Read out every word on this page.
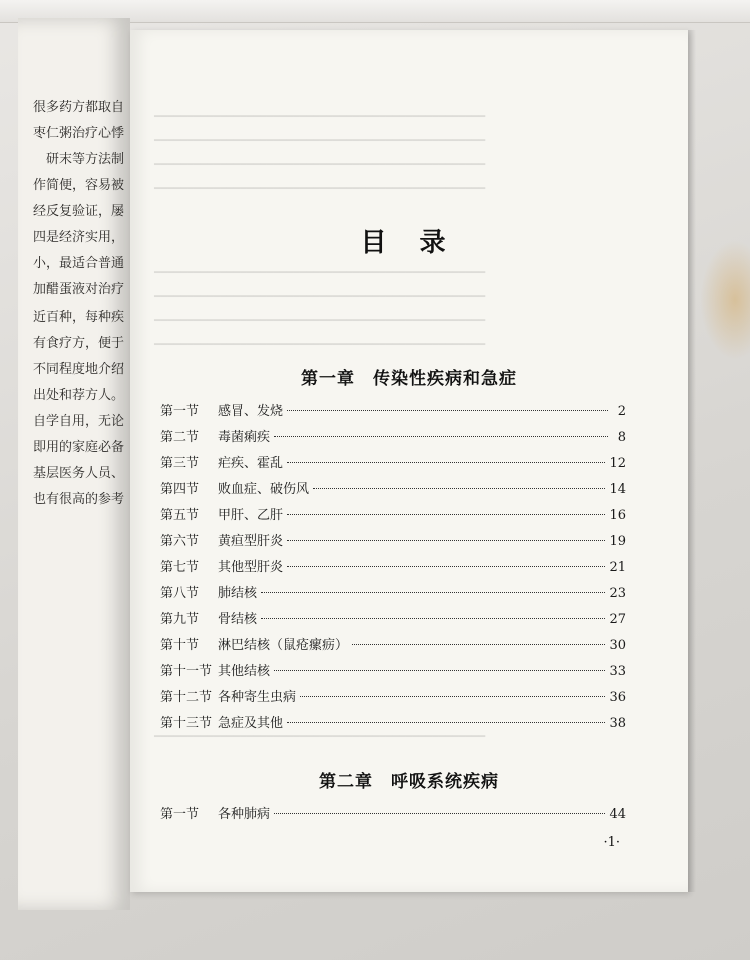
很多药方都取自
枣仁粥治疗心悸
研末等方法制
作简便，容易被
经反复验证，屡
四是经济实用，
小，最适合普通
加醋蛋液对治疗
近百种，每种疾
有食疗方，便于
不同程度地介绍
出处和荐方人。
自学自用，无论
即用的家庭必备
基层医务人员、
也有很高的参考
━━━━━━━━━━━━━━━━━━━━━━━━━━━━━━━━━━━━━━━━━━━━━━━━━━
━━━━━━━━━━━━━━━━━━━━━━━━━━━━━━━━━━━━━━━━━━━━━━━━━━
━━━━━━━━━━━━━━━━━━━━━━━━━━━━━━━━━━━━━━━━━━━━━━━━━━
━━━━━━━━━━━━━━━━━━━━━━━━━━━━━━━━━━━━━━━━━━━━━━━━━━
━━━━━━━━━━━━━━━━━━━━━━━━━━━━━━━━━━━━━━━━━━━━━━━━━━
━━━━━━━━━━━━━━━━━━━━━━━━━━━━━━━━━━━━━━━━━━━━━━━━━━
━━━━━━━━━━━━━━━━━━━━━━━━━━━━━━━━━━━━━━━━━━━━━━━━━━
━━━━━━━━━━━━━━━━━━━━━━━━━━━━━━━━━━━━━━━━━━━━━━━━━━
━━━━━━━━━━━━━━━━━━━━━━━━━━━━━━━━━━━━━━━━━━━━━━━━━━
目 录
第一章　传染性疾病和急症
第一节	感冒、发烧	2
第二节	毒菌痢疾	8
第三节	疟疾、霍乱	12
第四节	败血症、破伤风	14
第五节	甲肝、乙肝	16
第六节	黄疸型肝炎	19
第七节	其他型肝炎	21
第八节	肺结核	23
第九节	骨结核	27
第十节	淋巴结核（鼠疮瘰疬）	30
第十一节 其他结核	33
第十二节 各种寄生虫病	36
第十三节 急症及其他	38
第二章　呼吸系统疾病
第一节	各种肺病	44
·1·
